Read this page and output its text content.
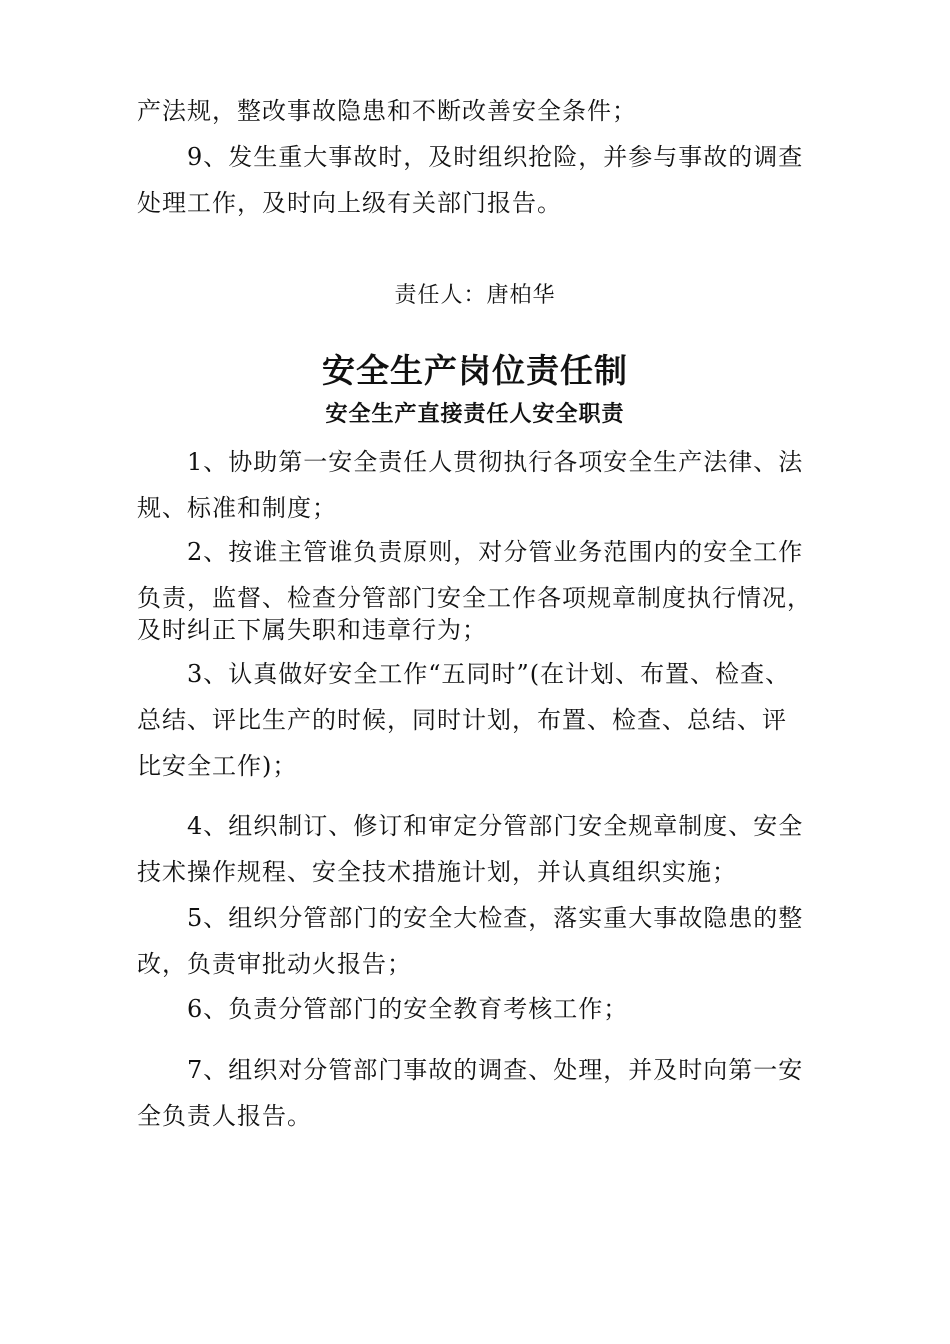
产法规，整改事故隐患和不断改善安全条件；
9、发生重大事故时，及时组织抢险，并参与事故的调查
处理工作，及时向上级有关部门报告。
责任人：唐柏华
安全生产岗位责任制
安全生产直接责任人安全职责
1、协助第一安全责任人贯彻执行各项安全生产法律、法
规、标准和制度；
2、按谁主管谁负责原则，对分管业务范围内的安全工作
负责，监督、检查分管部门安全工作各项规章制度执行情况，
及时纠正下属失职和违章行为；
3、认真做好安全工作“五同时”(在计划、布置、检查、
总结、评比生产的时候，同时计划，布置、检查、总结、评
比安全工作)；
4、组织制订、修订和审定分管部门安全规章制度、安全
技术操作规程、安全技术措施计划，并认真组织实施；
5、组织分管部门的安全大检查，落实重大事故隐患的整
改，负责审批动火报告；
6、负责分管部门的安全教育考核工作；
7、组织对分管部门事故的调查、处理，并及时向第一安
全负责人报告。
